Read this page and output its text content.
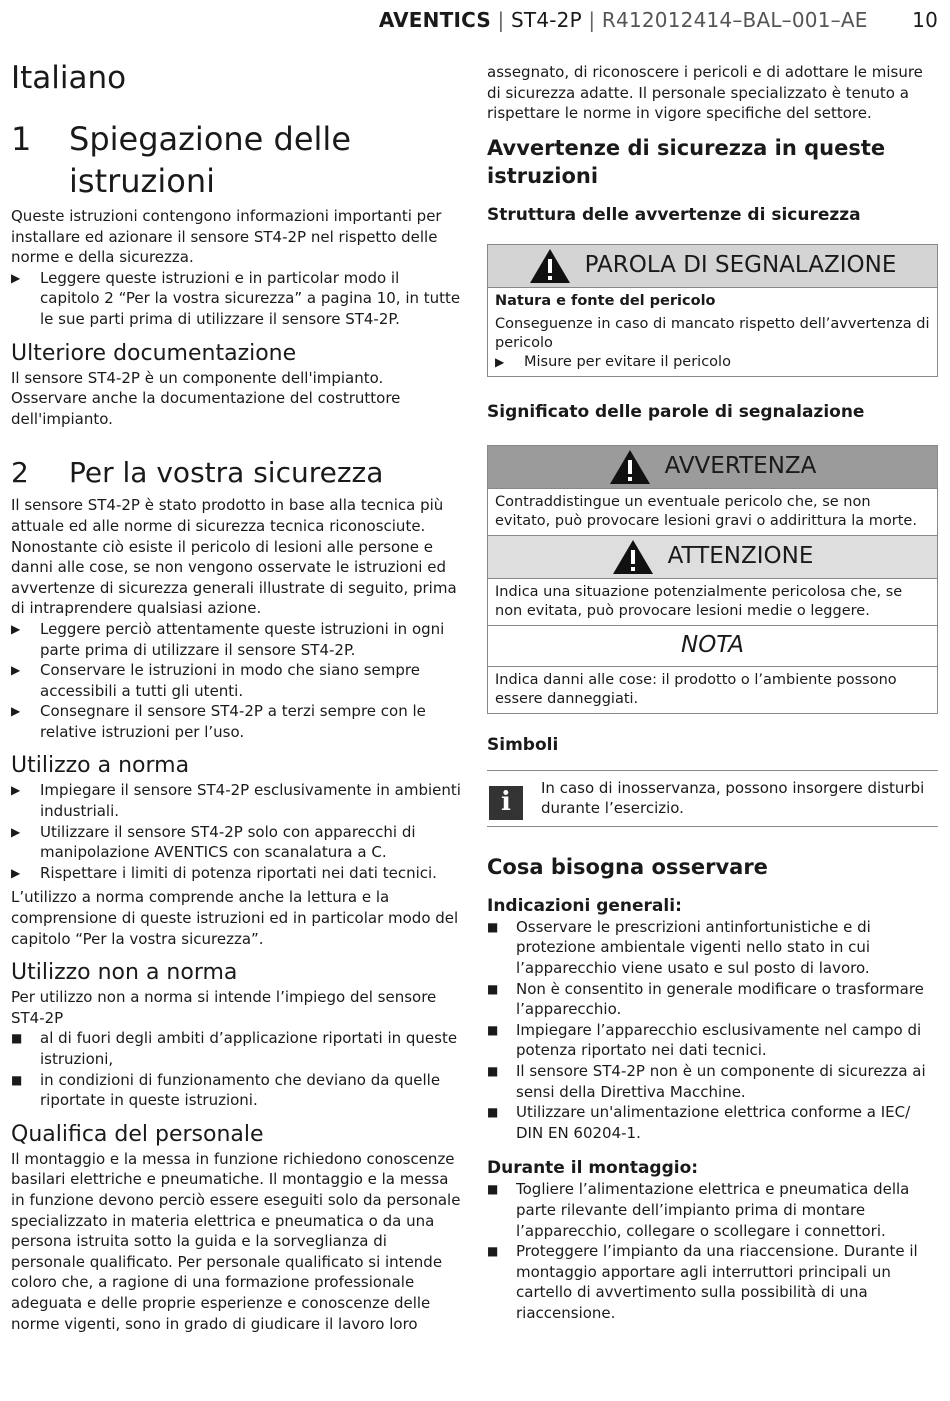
AVENTICS | ST4-2P | R412012414–BAL–001–AE 10
Italiano
1	Spiegazione delle
istruzioni

Queste istruzioni contengono informazioni importanti per installare ed azionare il sensore ST4-2P nel rispetto delle norme e della sicurezza.

▶ Leggere queste istruzioni e in particolar modo il capitolo 2 “Per la vostra sicurezza” a pagina 10, in tutte le sue parti prima di utilizzare il sensore ST4-2P.
Ulteriore documentazione

Il sensore ST4-2P è un componente dell'impianto. Osservare anche la documentazione del costruttore dell'impianto.

2	Per la vostra sicurezza

Il sensore ST4-2P è stato prodotto in base alla tecnica più attuale ed alle norme di sicurezza tecnica riconosciute. Nonostante ciò esiste il pericolo di lesioni alle persone e danni alle cose, se non vengono osservate le istruzioni ed avvertenze di sicurezza generali illustrate di seguito, prima di intraprendere qualsiasi azione.

▶ Leggere perciò attentamente queste istruzioni in ogni parte prima di utilizzare il sensore ST4-2P.
▶ Conservare le istruzioni in modo che siano sempre accessibili a tutti gli utenti.
▶ Consegnare il sensore ST4-2P a terzi sempre con le relative istruzioni per l’uso.
Utilizzo a norma
▶ Impiegare il sensore ST4-2P esclusivamente in ambienti industriali.
▶ Utilizzare il sensore ST4-2P solo con apparecchi di manipolazione AVENTICS con scanalatura a C.
▶ Rispettare i limiti di potenza riportati nei dati tecnici.

L’utilizzo a norma comprende anche la lettura e la comprensione di queste istruzioni ed in particolar modo del capitolo “Per la vostra sicurezza”.

Utilizzo non a norma

Per utilizzo non a norma si intende l’impiego del sensore ST4-2P

■ al di fuori degli ambiti d’applicazione riportati in queste istruzioni,
■ in condizioni di funzionamento che deviano da quelle riportate in queste istruzioni.
Qualifica del personale

Il montaggio e la messa in funzione richiedono conoscenze basilari elettriche e pneumatiche. Il montaggio e la messa in funzione devono perciò essere eseguiti solo da personale specializzato in materia elettrica e pneumatica o da una persona istruita sotto la guida e la sorveglianza di personale qualificato. Per personale qualificato si intende coloro che, a ragione di una formazione professionale adeguata e delle proprie esperienze e conoscenze delle norme vigenti, sono in grado di giudicare il lavoro loro

assegnato, di riconoscere i pericoli e di adottare le misure di sicurezza adatte. Il personale specializzato è tenuto a rispettare le norme in vigore specifiche del settore.

Avvertenze di sicurezza in queste istruzioni
Struttura delle avvertenze di sicurezza
PAROLA DI SEGNALAZIONE
Natura e fonte del pericolo
Conseguenze in caso di mancato rispetto dell’avvertenza di pericolo
▶ Misure per evitare il pericolo
Significato delle parole di segnalazione
AVVERTENZA
Contraddistingue un eventuale pericolo che, se non evitato, può provocare lesioni gravi o addirittura la morte.
ATTENZIONE
Indica una situazione potenzialmente pericolosa che, se non evitata, può provocare lesioni medie o leggere.
NOTA
Indica danni alle cose: il prodotto o l’ambiente possono essere danneggiati.
Simboli
i	In caso di inosservanza, possono insorgere disturbi durante l’esercizio.
Cosa bisogna osservare
Indicazioni generali:
■ Osservare le prescrizioni antinfortunistiche e di protezione ambientale vigenti nello stato in cui l’apparecchio viene usato e sul posto di lavoro.
■ Non è consentito in generale modificare o trasformare l’apparecchio.
■ Impiegare l’apparecchio esclusivamente nel campo di potenza riportato nei dati tecnici.
■ Il sensore ST4-2P non è un componente di sicurezza ai sensi della Direttiva Macchine.
■ Utilizzare un'alimentazione elettrica conforme a IEC/ DIN EN 60204-1.
Durante il montaggio:
■ Togliere l’alimentazione elettrica e pneumatica della parte rilevante dell’impianto prima di montare l’apparecchio, collegare o scollegare i connettori.
■ Proteggere l’impianto da una riaccensione. Durante il montaggio apportare agli interruttori principali un cartello di avvertimento sulla possibilità di una riaccensione.
